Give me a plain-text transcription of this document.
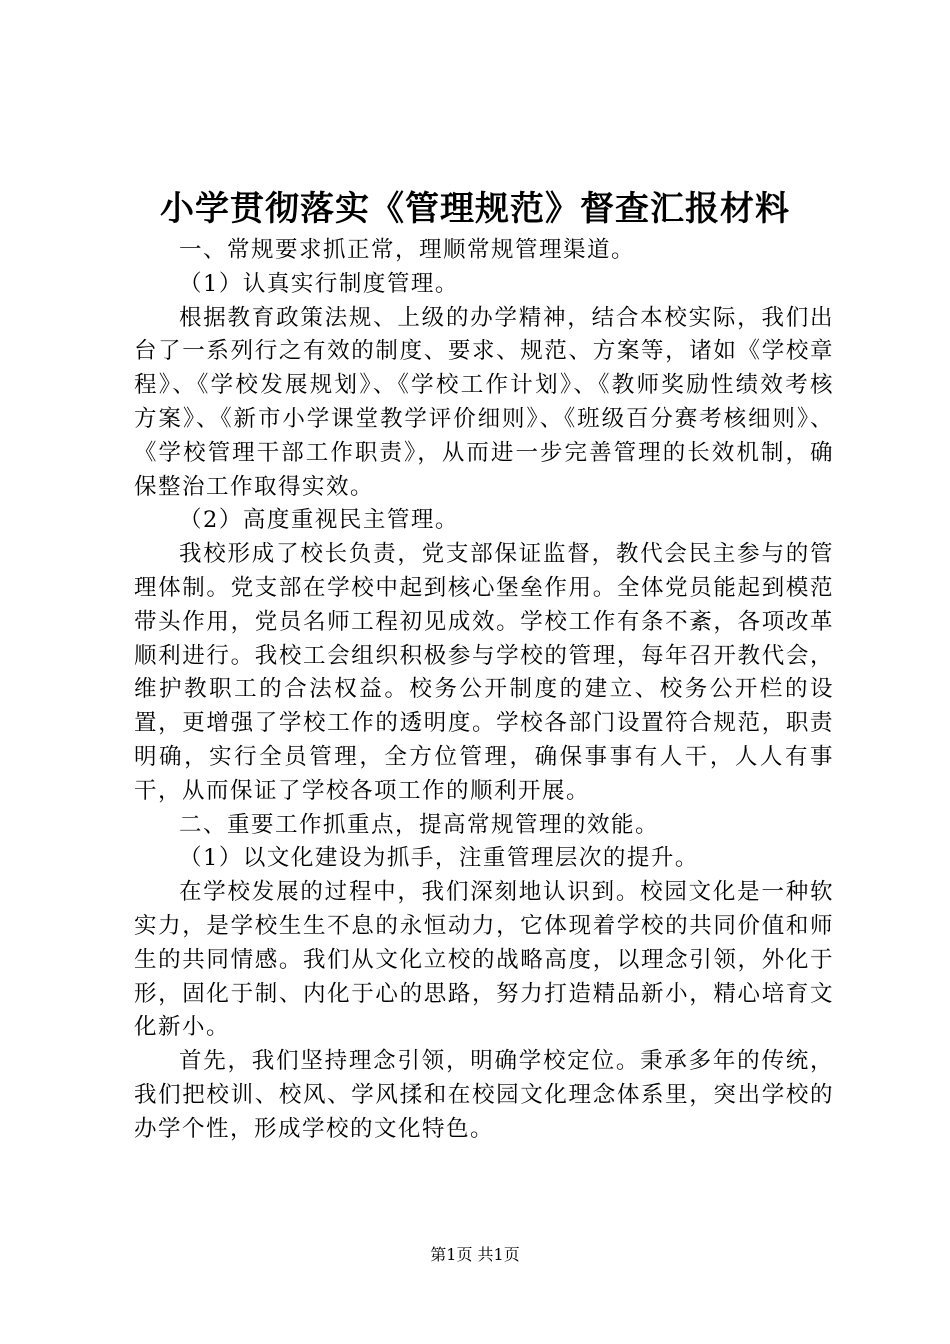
小学贯彻落实《管理规范》督查汇报材料

一、常规要求抓正常，理顺常规管理渠道。

（1）认真实行制度管理。

根据教育政策法规、上级的办学精神，结合本校实际，我们出台了一系列行之有效的制度、要求、规范、方案等，诸如《学校章程》、《学校发展规划》、《学校工作计划》、《教师奖励性绩效考核方案》、《新市小学课堂教学评价细则》、《班级百分赛考核细则》、《学校管理干部工作职责》，从而进一步完善管理的长效机制，确保整治工作取得实效。

（2）高度重视民主管理。

我校形成了校长负责，党支部保证监督，教代会民主参与的管理体制。党支部在学校中起到核心堡垒作用。全体党员能起到模范带头作用，党员名师工程初见成效。学校工作有条不紊，各项改革顺利进行。我校工会组织积极参与学校的管理，每年召开教代会，维护教职工的合法权益。校务公开制度的建立、校务公开栏的设置，更增强了学校工作的透明度。学校各部门设置符合规范，职责明确，实行全员管理，全方位管理，确保事事有人干，人人有事干，从而保证了学校各项工作的顺利开展。

二、重要工作抓重点，提高常规管理的效能。

（1）以文化建设为抓手，注重管理层次的提升。

在学校发展的过程中，我们深刻地认识到。校园文化是一种软实力，是学校生生不息的永恒动力，它体现着学校的共同价值和师生的共同情感。我们从文化立校的战略高度，以理念引领，外化于形，固化于制、内化于心的思路，努力打造精品新小，精心培育文化新小。

首先，我们坚持理念引领，明确学校定位。秉承多年的传统，我们把校训、校风、学风揉和在校园文化理念体系里，突出学校的办学个性，形成学校的文化特色。

第1页 共1页
